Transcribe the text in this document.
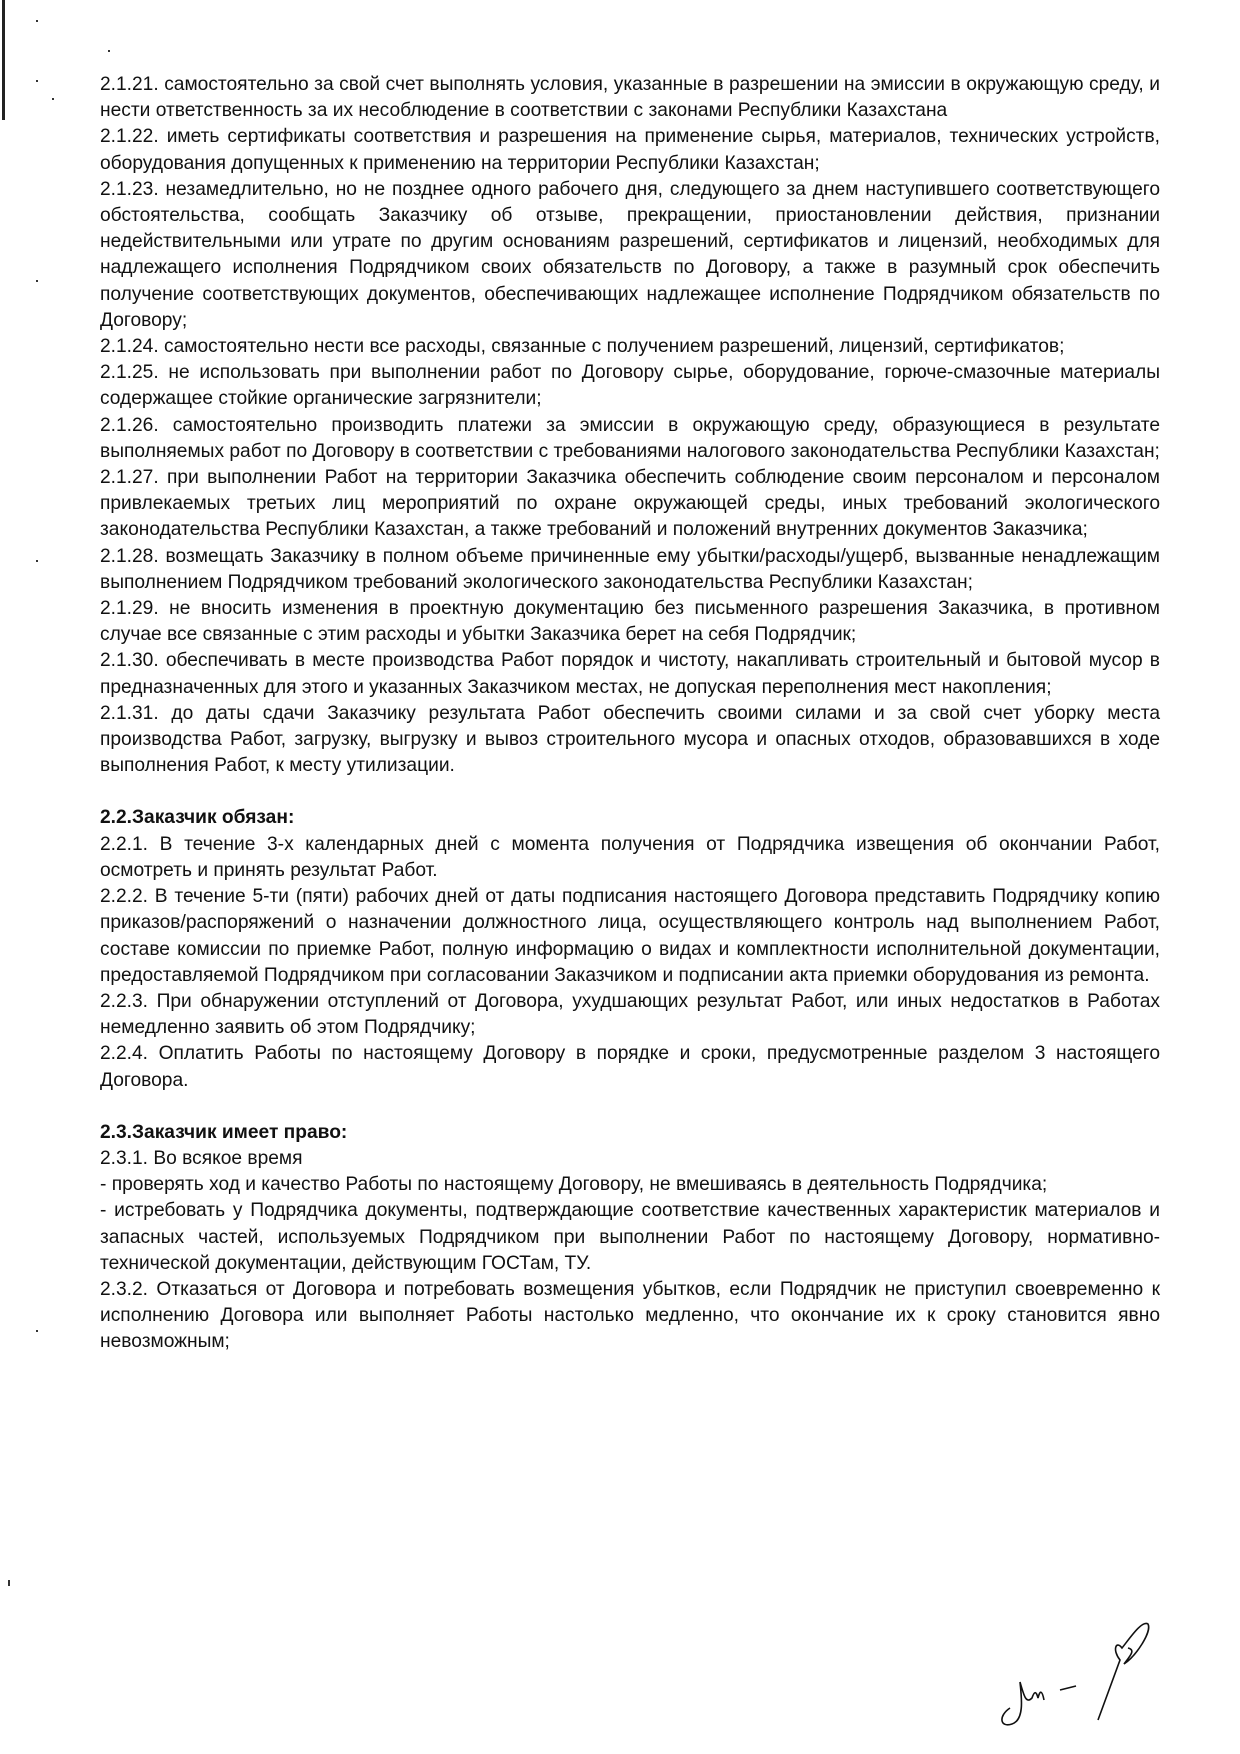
2.1.21. самостоятельно за свой счет выполнять условия, указанные в разрешении на эмиссии в окружающую среду, и нести ответственность за их несоблюдение в соответствии с законами Республики Казахстана

2.1.22. иметь сертификаты соответствия и разрешения на применение сырья, материалов, технических устройств, оборудования допущенных к применению на территории Республики Казахстан;

2.1.23. незамедлительно, но не позднее одного рабочего дня, следующего за днем наступившего соответствующего обстоятельства, сообщать Заказчику об отзыве, прекращении, приостановлении действия, признании недействительными или утрате по другим основаниям разрешений, сертификатов и лицензий, необходимых для надлежащего исполнения Подрядчиком своих обязательств по Договору, а также в разумный срок обеспечить получение соответствующих документов, обеспечивающих надлежащее исполнение Подрядчиком обязательств по Договору;

2.1.24. самостоятельно нести все расходы, связанные с получением разрешений, лицензий, сертификатов;

2.1.25. не использовать при выполнении работ по Договору сырье, оборудование, горюче-смазочные материалы содержащее стойкие органические загрязнители;

2.1.26. самостоятельно производить платежи за эмиссии в окружающую среду, образующиеся в результате выполняемых работ по Договору в соответствии с требованиями налогового законодательства Республики Казахстан;

2.1.27. при выполнении Работ на территории Заказчика обеспечить соблюдение своим персоналом и персоналом привлекаемых третьих лиц мероприятий по охране окружающей среды, иных требований экологического законодательства Республики Казахстан, а также требований и положений внутренних документов Заказчика;

2.1.28. возмещать Заказчику в полном объеме причиненные ему убытки/расходы/ущерб, вызванные ненадлежащим выполнением Подрядчиком требований экологического законодательства Республики Казахстан;

2.1.29. не вносить изменения в проектную документацию без письменного разрешения Заказчика, в противном случае все связанные с этим расходы и убытки Заказчика берет на себя Подрядчик;

2.1.30. обеспечивать в месте производства Работ порядок и чистоту, накапливать строительный и бытовой мусор в предназначенных для этого и указанных Заказчиком местах, не допуская переполнения мест накопления;

2.1.31. до даты сдачи Заказчику результата Работ обеспечить своими силами и за свой счет уборку места производства Работ, загрузку, выгрузку и вывоз строительного мусора и опасных отходов, образовавшихся в ходе выполнения Работ, к месту утилизации.

2.2.Заказчик обязан:

2.2.1. В течение 3-х календарных дней с момента получения от Подрядчика извещения об окончании Работ, осмотреть и принять результат Работ.

2.2.2. В течение 5-ти (пяти) рабочих дней от даты подписания настоящего Договора представить Подрядчику копию приказов/распоряжений о назначении должностного лица, осуществляющего контроль над выполнением Работ, составе комиссии по приемке Работ, полную информацию о видах и комплектности исполнительной документации, предоставляемой Подрядчиком при согласовании Заказчиком и подписании акта приемки оборудования из ремонта.

2.2.3. При обнаружении отступлений от Договора, ухудшающих результат Работ, или иных недостатков в Работах немедленно заявить об этом Подрядчику;

2.2.4. Оплатить Работы по настоящему Договору в порядке и сроки, предусмотренные разделом 3 настоящего Договора.

2.3.Заказчик имеет право:

2.3.1. Во всякое время

- проверять ход и качество Работы по настоящему Договору, не вмешиваясь в деятельность Подрядчика;

- истребовать у Подрядчика документы, подтверждающие соответствие качественных характеристик материалов и запасных частей, используемых Подрядчиком при выполнении Работ по настоящему Договору, нормативно-технической документации, действующим ГОСТам, ТУ.

2.3.2. Отказаться от Договора и потребовать возмещения убытков, если Подрядчик не приступил своевременно к исполнению Договора или выполняет Работы настолько медленно, что окончание их к сроку становится явно невозможным;
